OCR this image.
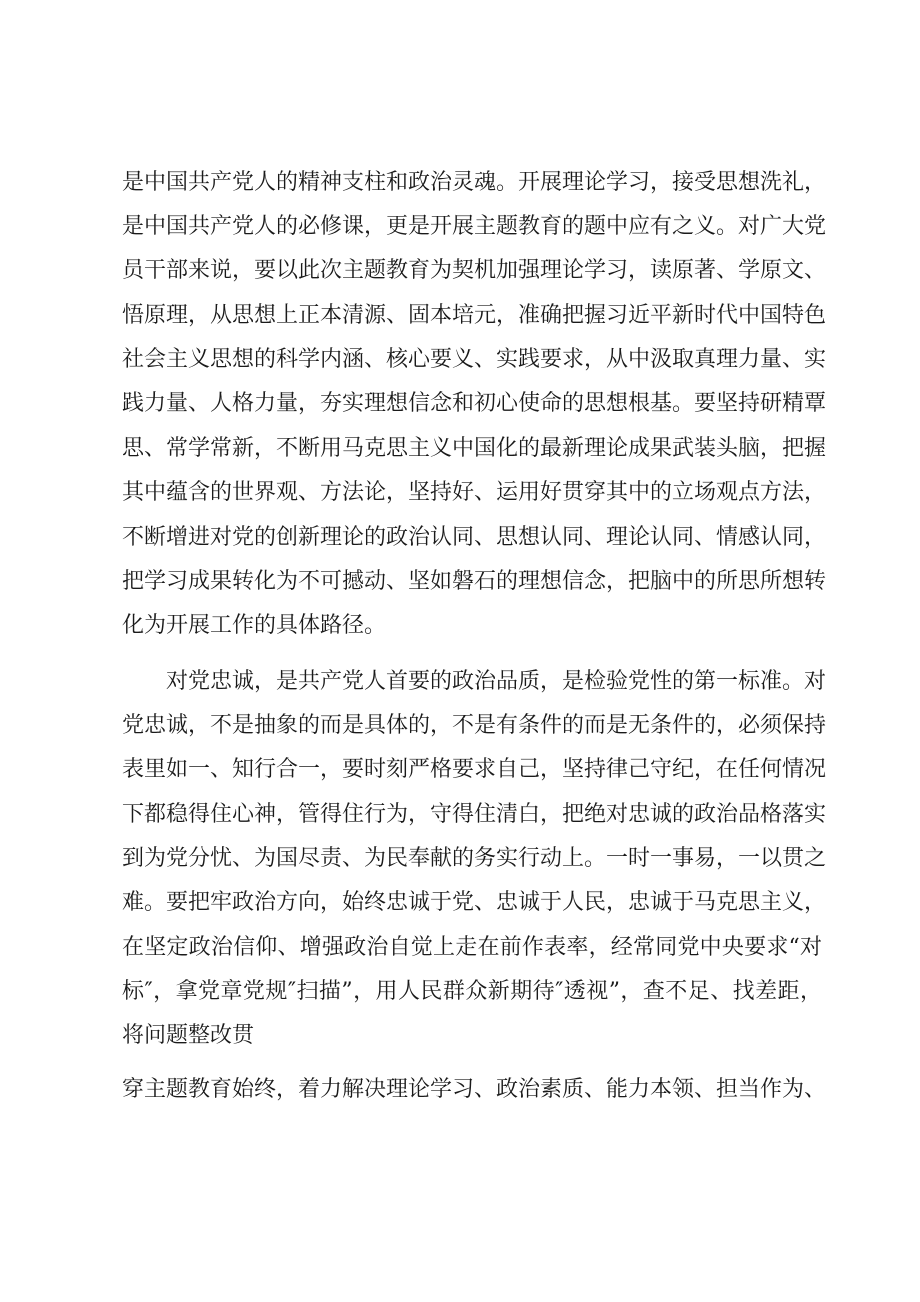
是中国共产党人的精神支柱和政治灵魂。开展理论学习，接受思想洗礼，
是中国共产党人的必修课，更是开展主题教育的题中应有之义。对广大党
员干部来说，要以此次主题教育为契机加强理论学习，读原著、学原文、
悟原理，从思想上正本清源、固本培元，准确把握习近平新时代中国特色
社会主义思想的科学内涵、核心要义、实践要求，从中汲取真理力量、实
践力量、人格力量，夯实理想信念和初心使命的思想根基。要坚持研精覃
思、常学常新，不断用马克思主义中国化的最新理论成果武装头脑，把握
其中蕴含的世界观、方法论，坚持好、运用好贯穿其中的立场观点方法，
不断增进对党的创新理论的政治认同、思想认同、理论认同、情感认同，
把学习成果转化为不可撼动、坚如磐石的理想信念，把脑中的所思所想转
化为开展工作的具体路径。
对党忠诚，是共产党人首要的政治品质，是检验党性的第一标准。对
党忠诚，不是抽象的而是具体的，不是有条件的而是无条件的，必须保持
表里如一、知行合一，要时刻严格要求自己，坚持律己守纪，在任何情况
下都稳得住心神，管得住行为，守得住清白，把绝对忠诚的政治品格落实
到为党分忧、为国尽责、为民奉献的务实行动上。一时一事易，一以贯之
难。要把牢政治方向，始终忠诚于党、忠诚于人民，忠诚于马克思主义，
在坚定政治信仰、增强政治自觉上走在前作表率，经常同党中央要求“对
标″，拿党章党规″扫描”，用人民群众新期待″透视”，查不足、找差距，
将问题整改贯
穿主题教育始终，着力解决理论学习、政治素质、能力本领、担当作为、
